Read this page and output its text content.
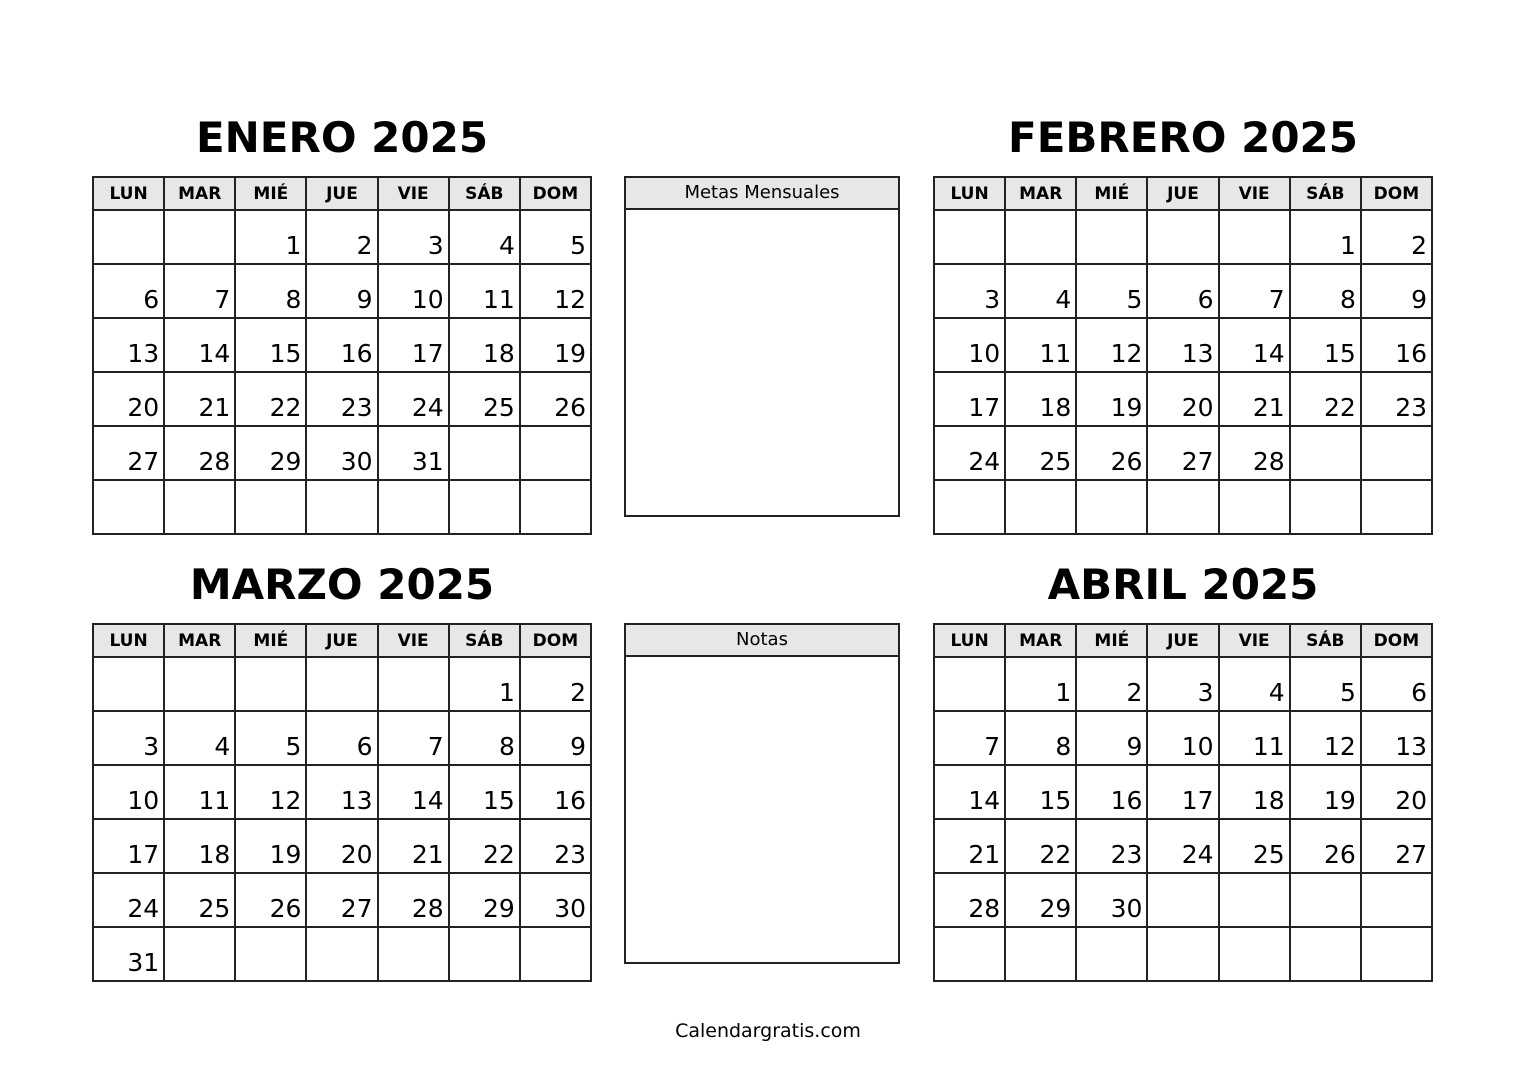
ENERO 2025	FEBRERO 2025
MARZO 2025	ABRIL 2025
LUN	MAR	MIÉ	JUE	VIE	SÁB	DOM
		1	2	3	4	5
6	7	8	9	10	11	12
13	14	15	16	17	18	19
20	21	22	23	24	25	26
27	28	29	30	31		

LUN	MAR	MIÉ	JUE	VIE	SÁB	DOM
					1	2
3	4	5	6	7	8	9
10	11	12	13	14	15	16
17	18	19	20	21	22	23
24	25	26	27	28		

LUN	MAR	MIÉ	JUE	VIE	SÁB	DOM
					1	2
3	4	5	6	7	8	9
10	11	12	13	14	15	16
17	18	19	20	21	22	23
24	25	26	27	28	29	30
31						
LUN	MAR	MIÉ	JUE	VIE	SÁB	DOM
	1	2	3	4	5	6
7	8	9	10	11	12	13
14	15	16	17	18	19	20
21	22	23	24	25	26	27
28	29	30				

Metas Mensuales
Notas
Calendargratis.com
